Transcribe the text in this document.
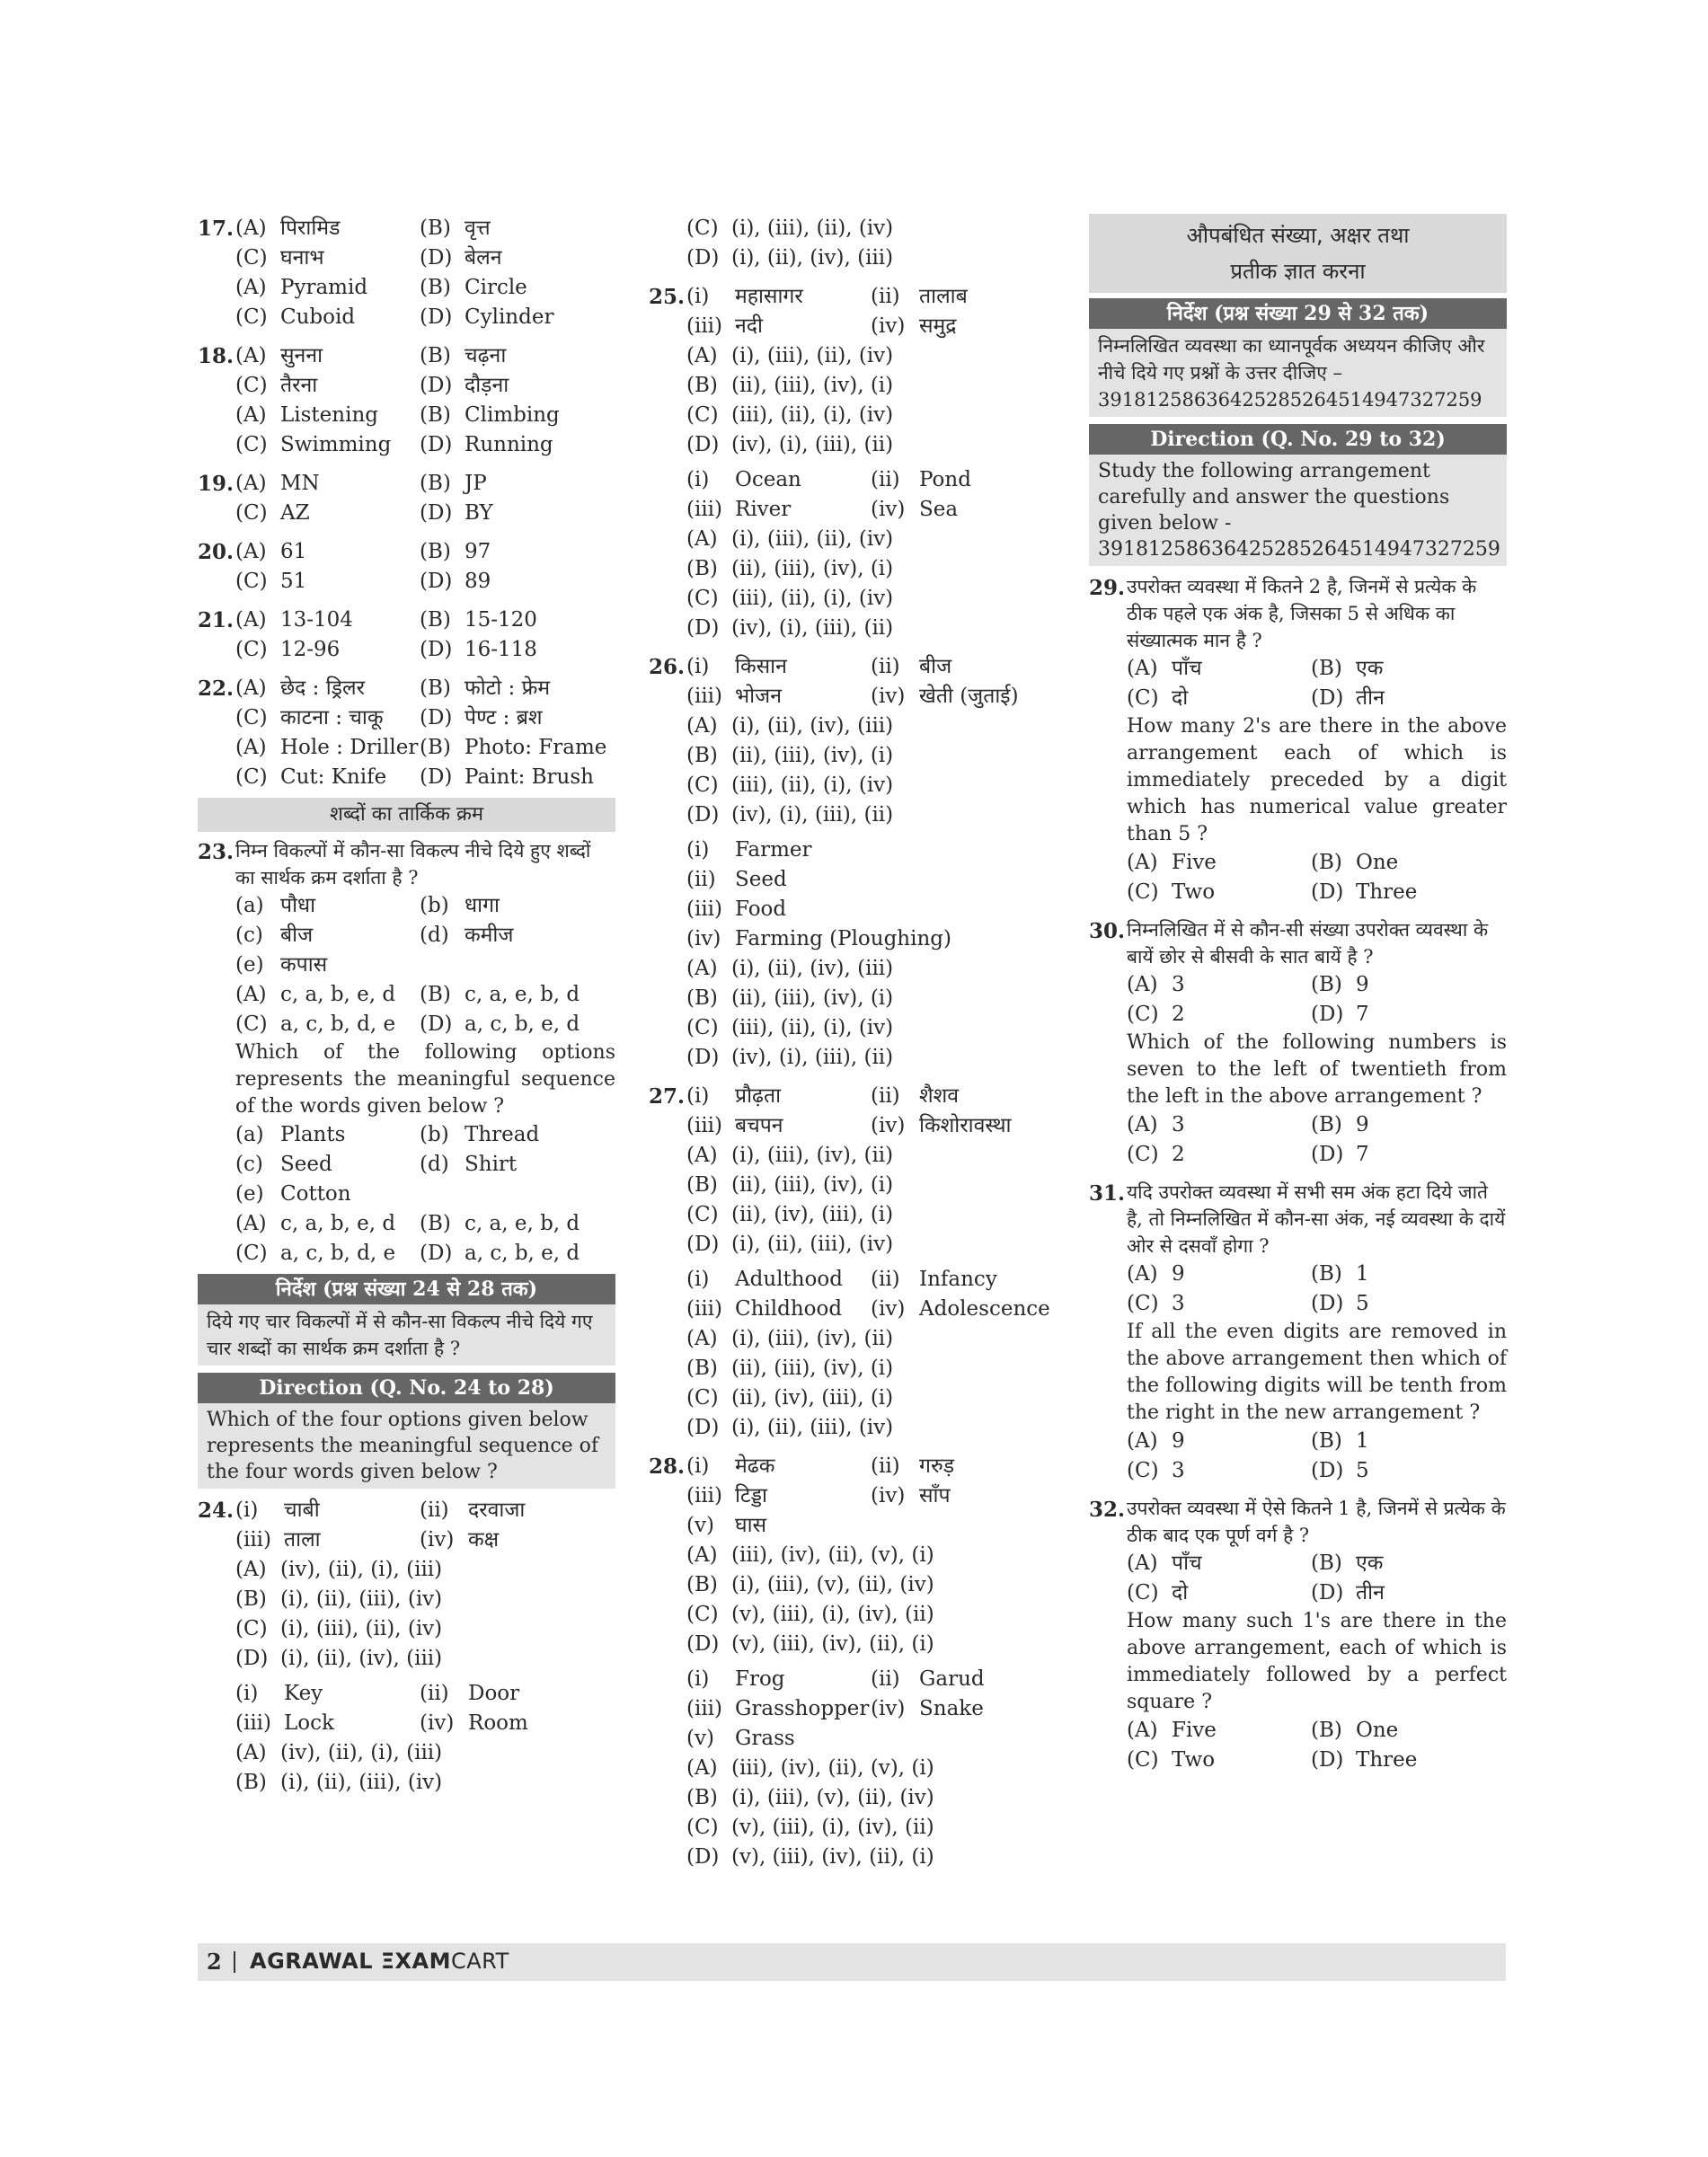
17. (A) पिरामिड	(B) वृत्त
(C) घनाभ	(D) बेलन
(A) Pyramid	(B) Circle
(C) Cuboid	(D) Cylinder
18. (A) सुनना	(B) चढ़ना
(C) तैरना	(D) दौड़ना
(A) Listening (B) Climbing
(C) Swimming (D) Running
19. (A) MN	(B) JP
(C) AZ	(D) BY
20. (A) 61	(B) 97
(C) 51	(D) 89
21. (A) 13-104	(B) 15-120
(C) 12-96	(D) 16-118
22. (A) छेद : ड्रिलर	(B) फोटो : फ्रेम
(C) काटना : चाकू (D) पेण्ट : ब्रश
(A) Hole : Driller (B) Photo: Frame
(C) Cut: Knife (D) Paint: Brush
शब्दों का तार्किक क्रम
23. निम्न विकल्पों में कौन-सा विकल्प नीचे दिये हुए शब्दों का सार्थक क्रम दर्शाता है ?
(a) पौधा	(b) धागा
(c) बीज	(d) कमीज
(e) कपास
(A) c, a, b, e, d (B) c, a, e, b, d
(C) a, c, b, d, e (D) a, c, b, e, d
Which of the following options represents the meaningful sequence of the words given below ?
(a) Plants	(b) Thread
(c) Seed	(d) Shirt
(e) Cotton
(A) c, a, b, e, d (B) c, a, e, b, d
(C) a, c, b, d, e (D) a, c, b, e, d
निर्देश (प्रश्न संख्या 24 से 28 तक)
दिये गए चार विकल्पों में से कौन-सा विकल्प नीचे दिये गए चार शब्दों का सार्थक क्रम दर्शाता है ?
Direction (Q. No. 24 to 28)
Which of the four options given below represents the meaningful sequence of the four words given below ?
24. (i)	चाबी	(ii) दरवाजा
(iii) ताला	(iv) कक्ष
(A) (iv), (ii), (i), (iii)
(B) (i), (ii), (iii), (iv)
(C) (i), (iii), (ii), (iv)
(D) (i), (ii), (iv), (iii)
(i)	Key	(ii) Door
(iii) Lock	(iv) Room
(A) (iv), (ii), (i), (iii)
(B) (i), (ii), (iii), (iv)
(C) (i), (iii), (ii), (iv)
(D) (i), (ii), (iv), (iii)
25. (i)	महासागर	(ii) तालाब
(iii) नदी	(iv) समुद्र
(A) (i), (iii), (ii), (iv)
(B) (ii), (iii), (iv), (i)
(C) (iii), (ii), (i), (iv)
(D) (iv), (i), (iii), (ii)
(i)	Ocean	(ii) Pond
(iii) River	(iv) Sea
(A) (i), (iii), (ii), (iv)
(B) (ii), (iii), (iv), (i)
(C) (iii), (ii), (i), (iv)
(D) (iv), (i), (iii), (ii)
26. (i)	किसान	(ii) बीज
(iii) भोजन	(iv) खेती (जुताई)
(A) (i), (ii), (iv), (iii)
(B) (ii), (iii), (iv), (i)
(C) (iii), (ii), (i), (iv)
(D) (iv), (i), (iii), (ii)
(i)	Farmer
(ii) Seed
(iii) Food
(iv) Farming (Ploughing)
(A) (i), (ii), (iv), (iii)
(B) (ii), (iii), (iv), (i)
(C) (iii), (ii), (i), (iv)
(D) (iv), (i), (iii), (ii)
27. (i)	प्रौढ़ता	(ii) शैशव
(iii) बचपन	(iv) किशोरावस्था
(A) (i), (iii), (iv), (ii)
(B) (ii), (iii), (iv), (i)
(C) (ii), (iv), (iii), (i)
(D) (i), (ii), (iii), (iv)
(i)	Adulthood (ii) Infancy
(iii) Childhood (iv) Adolescence
(A) (i), (iii), (iv), (ii)
(B) (ii), (iii), (iv), (i)
(C) (ii), (iv), (iii), (i)
(D) (i), (ii), (iii), (iv)
28. (i)	मेढक	(ii) गरुड़
(iii) टिड्डा	(iv) साँप
(v)	घास
(A) (iii), (iv), (ii), (v), (i)
(B) (i), (iii), (v), (ii), (iv)
(C) (v), (iii), (i), (iv), (ii)
(D) (v), (iii), (iv), (ii), (i)
(i)	Frog	(ii) Garud
(iii) Grasshopper (iv) Snake
(v)	Grass
(A) (iii), (iv), (ii), (v), (i)
(B) (i), (iii), (v), (ii), (iv)
(C) (v), (iii), (i), (iv), (ii)
(D) (v), (iii), (iv), (ii), (i)
औपबंधित संख्या, अक्षर तथा
प्रतीक ज्ञात करना
निर्देश (प्रश्न संख्या 29 से 32 तक)
निम्नलिखित व्यवस्था का ध्यानपूर्वक अध्ययन कीजिए और नीचे दिये गए प्रश्नों के उत्तर दीजिए –
39181258636425285264514947327259
Direction (Q. No. 29 to 32)
Study the following arrangement carefully and answer the questions given below -
39181258636425285264514947327259
29. उपरोक्त व्यवस्था में कितने 2 है, जिनमें से प्रत्येक के ठीक पहले एक अंक है, जिसका 5 से अधिक का संख्यात्मक मान है ?
(A) पाँच	(B) एक
(C) दो	(D) तीन
How many 2's are there in the above arrangement each of which is immediately preceded by a digit which has numerical value greater than 5 ?
(A) Five	(B) One
(C) Two	(D) Three
30. निम्नलिखित में से कौन-सी संख्या उपरोक्त व्यवस्था के बायें छोर से बीसवी के सात बायें है ?
(A) 3	(B) 9
(C) 2	(D) 7
Which of the following numbers is seven to the left of twentieth from the left in the above arrangement ?
(A) 3	(B) 9
(C) 2	(D) 7
31. यदि उपरोक्त व्यवस्था में सभी सम अंक हटा दिये जाते है, तो निम्नलिखित में कौन-सा अंक, नई व्यवस्था के दायें ओर से दसवाँ होगा ?
(A) 9	(B) 1
(C) 3	(D) 5
If all the even digits are removed in the above arrangement then which of the following digits will be tenth from the right in the new arrangement ?
(A) 9	(B) 1
(C) 3	(D) 5
32. उपरोक्त व्यवस्था में ऐसे कितने 1 है, जिनमें से प्रत्येक के ठीक बाद एक पूर्ण वर्ग है ?
(A) पाँच	(B) एक
(C) दो	(D) तीन
How many such 1's are there in the above arrangement, each of which is immediately followed by a perfect square ?
(A) Five	(B) One
(C) Two	(D) Three
2 AGRAWAL ΞXAMCART
